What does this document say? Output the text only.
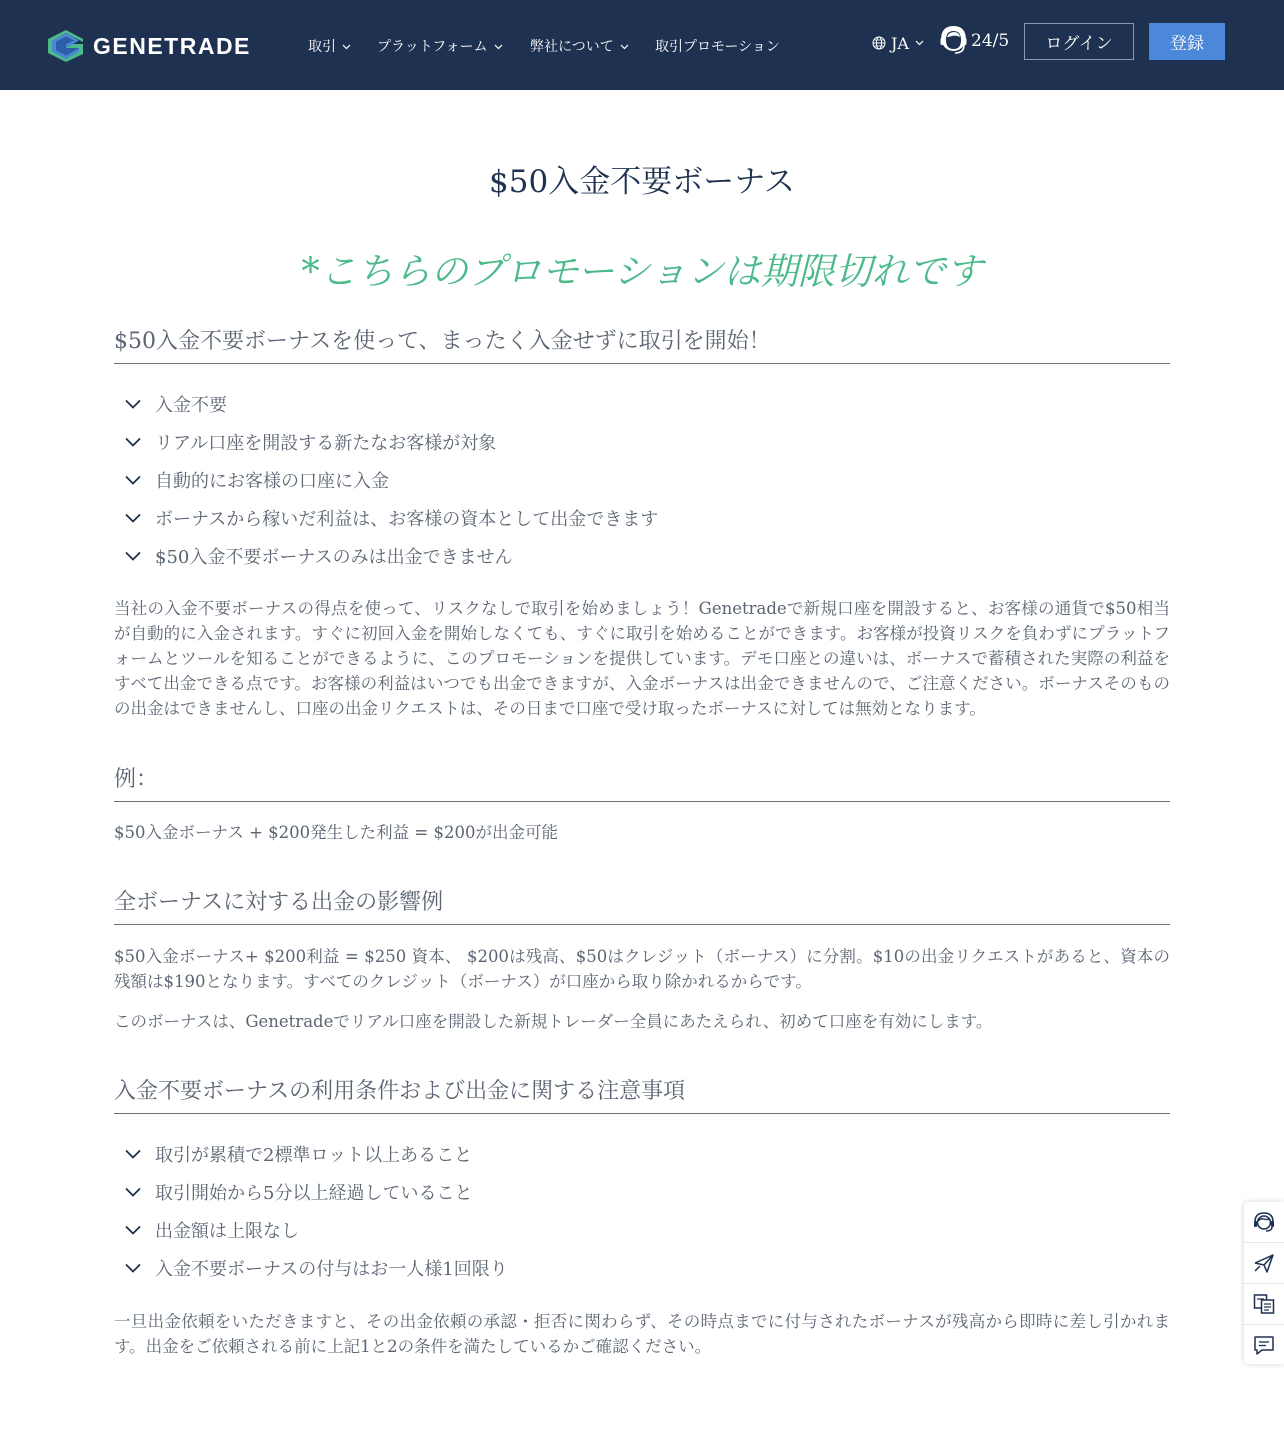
GENETRADE	取引	プラットフォーム	弊社について	取引プロモーション	JA	24/5	ログイン	登録
$50入金不要ボーナス
*こちらのプロモーションは期限切れです
$50入金不要ボーナスを使って、まったく入金せずに取引を開始！
入金不要
リアル口座を開設する新たなお客様が対象
自動的にお客様の口座に入金
ボーナスから稼いだ利益は、お客様の資本として出金できます
$50入金不要ボーナスのみは出金できません

当社の入金不要ボーナスの得点を使って、リスクなしで取引を始めましょう！Genetradeで新規口座を開設すると、お客様の通貨で$50相当が自動的に入金されます。すぐに初回入金を開始しなくても、すぐに取引を始めることができます。お客様が投資リスクを負わずにプラットフォームとツールを知ることができるように、このプロモーションを提供しています。デモ口座との違いは、ボーナスで蓄積された実際の利益をすべて出金できる点です。お客様の利益はいつでも出金できますが、入金ボーナスは出金できませんので、ご注意ください。ボーナスそのものの出金はできませんし、口座の出金リクエストは、その日まで口座で受け取ったボーナスに対しては無効となります。

例：

$50入金ボーナス + $200発生した利益 = $200が出金可能

全ボーナスに対する出金の影響例

$50入金ボーナス+ $200利益 = $250 資本、 $200は残高、$50はクレジット（ボーナス）に分割。$10の出金リクエストがあると、資本の残額は$190となります。すべてのクレジット（ボーナス）が口座から取り除かれるからです。

このボーナスは、Genetradeでリアル口座を開設した新規トレーダー全員にあたえられ、初めて口座を有効にします。

入金不要ボーナスの利用条件および出金に関する注意事項
取引が累積で2標準ロット以上あること
取引開始から5分以上経過していること
出金額は上限なし
入金不要ボーナスの付与はお一人様1回限り

一旦出金依頼をいただきますと、その出金依頼の承認・拒否に関わらず、その時点までに付与されたボーナスが残高から即時に差し引かれます。出金をご依頼される前に上記1と2の条件を満たしているかご確認ください。
